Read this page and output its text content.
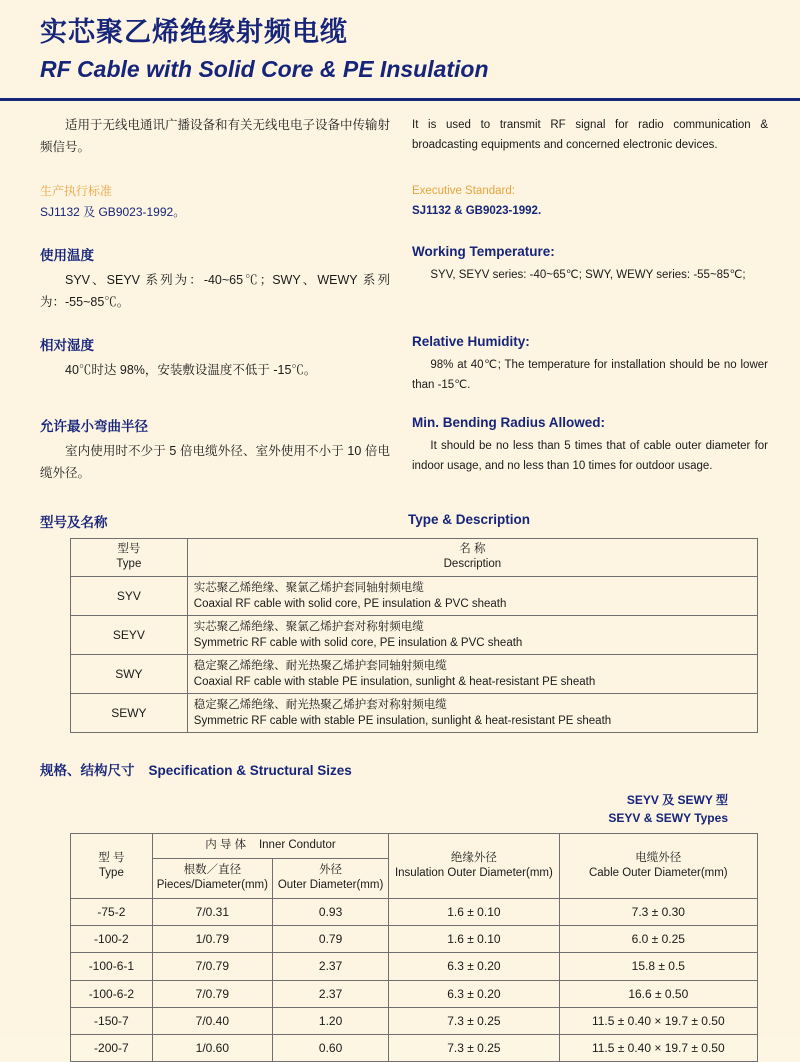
实芯聚乙烯绝缘射频电缆
RF Cable with Solid Core & PE Insulation

适用于无线电通讯广播设备和有关无线电电子设备中传输射频信号。

It is used to transmit RF signal for radio communication & broadcasting equipments and concerned electronic devices.

生产执行标准
SJ1132 及 GB9023-1992。

Executive Standard:
SJ1132 & GB9023-1992.

使用温度

SYV、SEYV 系列为：-40~65℃；SWY、WEWY 系列为：-55~85℃。

Working Temperature:

SYV, SEYV series: -40~65℃; SWY, WEWY series: -55~85℃;

相对湿度

40℃时达 98%，安装敷设温度不低于 -15℃。

Relative Humidity:

98% at 40℃; The temperature for installation should be no lower than -15℃.

允许最小弯曲半径

室内使用时不少于 5 倍电缆外径、室外使用不小于 10 倍电缆外径。

Min. Bending Radius Allowed:

It should be no less than 5 times that of cable outer diameter for indoor usage, and no less than 10 times for outdoor usage.

型号及名称	Type & Description
型号
Type	名 称
Description
SYV	实芯聚乙烯绝缘、聚氯乙烯护套同轴射频电缆
Coaxial RF cable with solid core, PE insulation & PVC sheath

SEYV	实芯聚乙烯绝缘、聚氯乙烯护套对称射频电缆
Symmetric RF cable with solid core, PE insulation & PVC sheath

SWY	稳定聚乙烯绝缘、耐光热聚乙烯护套同轴射频电缆
Coaxial RF cable with stable PE insulation, sunlight & heat-resistant PE sheath

SEWY	稳定聚乙烯绝缘、耐光热聚乙烯护套对称射频电缆
Symmetric RF cable with stable PE insulation, sunlight & heat-resistant PE sheath
规格、结构尺寸 Specification & Structural Sizes
SEYV 及 SEWY 型
SEYV & SEWY Types
型 号
Type	内 导 体 Inner Condutor		绝缘外径
Insulation Outer Diameter(mm)	电缆外径
Cable Outer Diameter(mm)

	根数／直径
Pieces/Diameter(mm)	外径
Outer Diameter(mm)		

-75-2	7/0.31	0.93	1.6 ± 0.10	7.3 ± 0.30
-100-2	1/0.79	0.79	1.6 ± 0.10	6.0 ± 0.25
-100-6-1	7/0.79	2.37	6.3 ± 0.20	15.8 ± 0.5
-100-6-2	7/0.79	2.37	6.3 ± 0.20	16.6 ± 0.50
-150-7	7/0.40	1.20	7.3 ± 0.25	11.5 ± 0.40 × 19.7 ± 0.50
-200-7	1/0.60	0.60	7.3 ± 0.25	11.5 ± 0.40 × 19.7 ± 0.50
